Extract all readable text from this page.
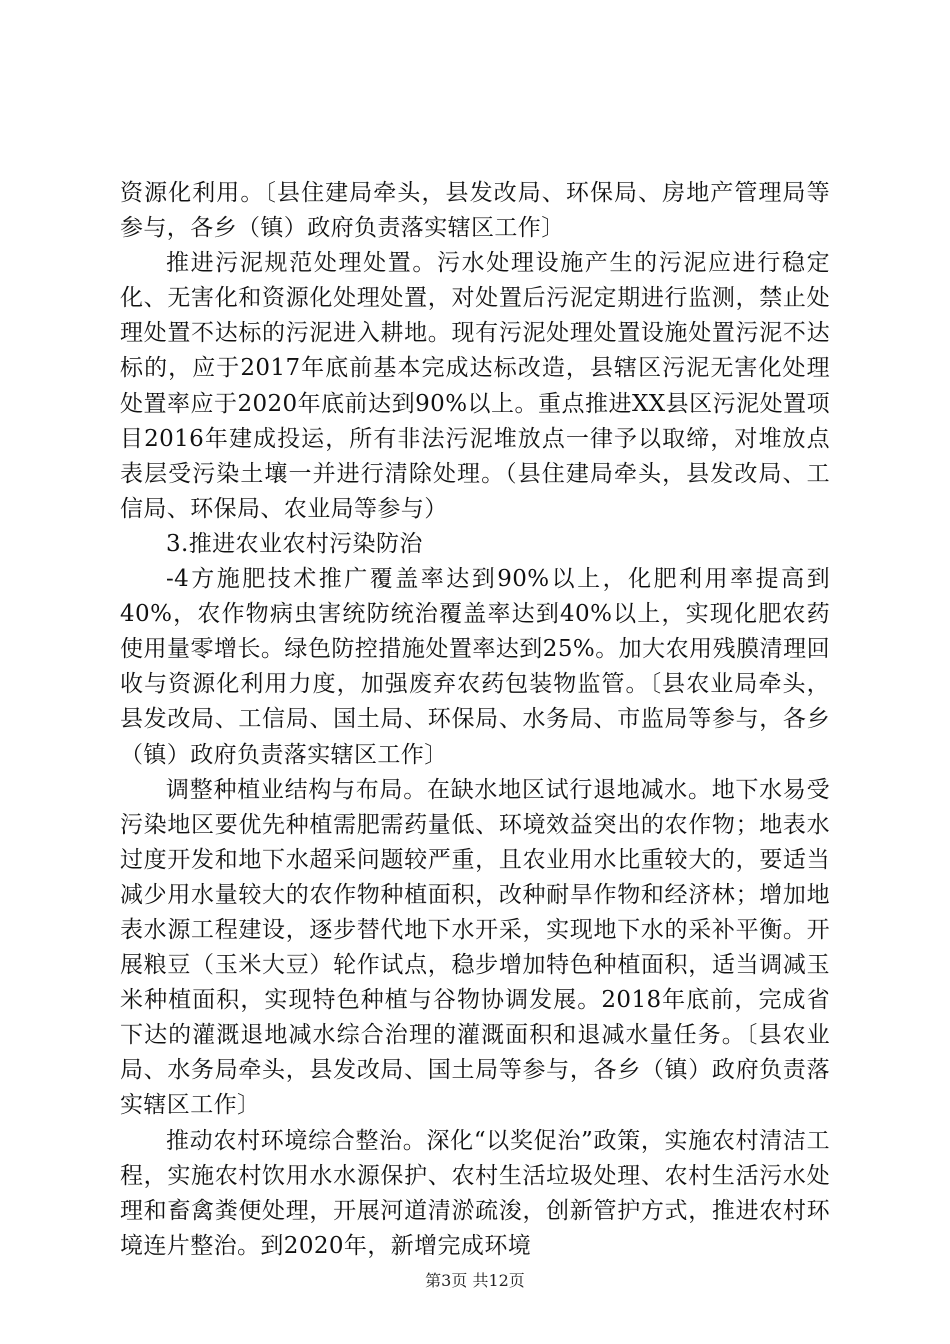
资源化利用。〔县住建局牵头，县发改局、环保局、房地产管理局等参与，各乡（镇）政府负责落实辖区工作〕

推进污泥规范处理处置。污水处理设施产生的污泥应进行稳定化、无害化和资源化处理处置，对处置后污泥定期进行监测，禁止处理处置不达标的污泥进入耕地。现有污泥处理处置设施处置污泥不达标的，应于2017年底前基本完成达标改造，县辖区污泥无害化处理处置率应于2020年底前达到90%以上。重点推进XX县区污泥处置项目2016年建成投运，所有非法污泥堆放点一律予以取缔，对堆放点表层受污染土壤一并进行清除处理。（县住建局牵头，县发改局、工信局、环保局、农业局等参与）

3.推进农业农村污染防治

-4方施肥技术推广覆盖率达到90%以上，化肥利用率提高到40%，农作物病虫害统防统治覆盖率达到40%以上，实现化肥农药使用量零增长。绿色防控措施处置率达到25%。加大农用残膜清理回收与资源化利用力度，加强废弃农药包装物监管。〔县农业局牵头，县发改局、工信局、国土局、环保局、水务局、市监局等参与，各乡（镇）政府负责落实辖区工作〕

调整种植业结构与布局。在缺水地区试行退地减水。地下水易受污染地区要优先种植需肥需药量低、环境效益突出的农作物；地表水过度开发和地下水超采问题较严重，且农业用水比重较大的，要适当减少用水量较大的农作物种植面积，改种耐旱作物和经济林；增加地表水源工程建设，逐步替代地下水开采，实现地下水的采补平衡。开展粮豆（玉米大豆）轮作试点，稳步增加特色种植面积，适当调减玉米种植面积，实现特色种植与谷物协调发展。2018年底前，完成省下达的灌溉退地减水综合治理的灌溉面积和退减水量任务。〔县农业局、水务局牵头，县发改局、国土局等参与，各乡（镇）政府负责落实辖区工作〕

推动农村环境综合整治。深化“以奖促治”政策，实施农村清洁工程，实施农村饮用水水源保护、农村生活垃圾处理、农村生活污水处理和畜禽粪便处理，开展河道清淤疏浚，创新管护方式，推进农村环境连片整治。到2020年，新增完成环境

第3页 共12页
